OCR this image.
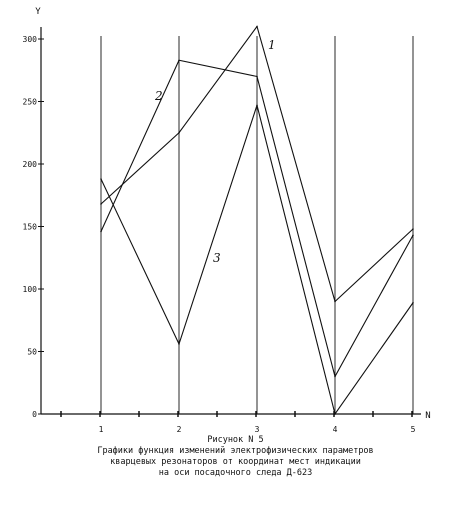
0
50
100
150
200
250
300
1	2	3	4	5
Y
N
1
2
3
Рисунок N 5
Графики функция изменений электрофизических параметров
кварцевых резонаторов от координат мест индикации
на оси посадочного следа Д-623
